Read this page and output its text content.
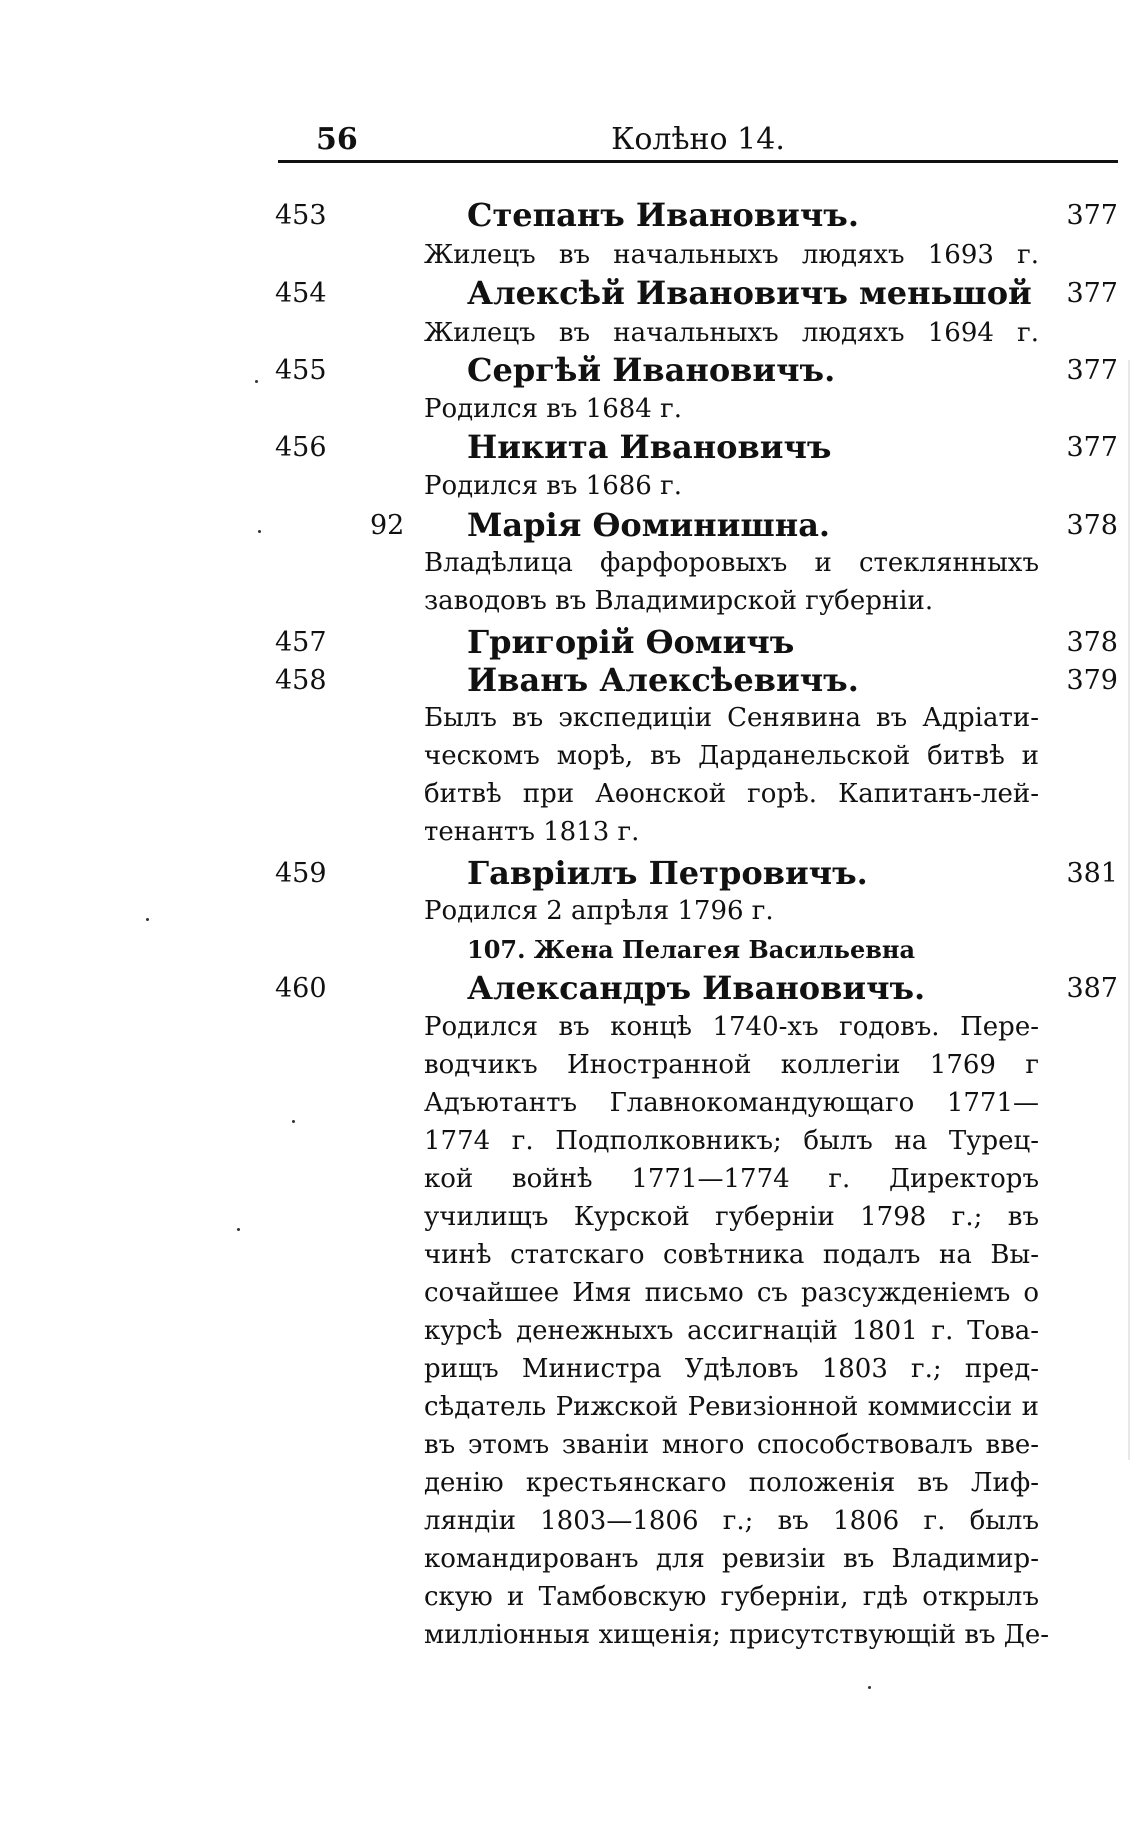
56	Колѣно 14.
453	Степанъ Ивановичъ.	377
Жилецъ въ начальныхъ людяхъ 1693 г.
454	Алексѣй Ивановичъ меньшой	377
Жилецъ въ начальныхъ людяхъ 1694 г.
455	Сергѣй Ивановичъ.	377
Родился въ 1684 г.
456	Никита Ивановичъ	377
Родился въ 1686 г.
92 Марія Ѳоминишна.	378
Владѣлица фарфоровыхъ и стеклянныхъ
заводовъ въ Владимирской губерніи.
457	Григорій Ѳомичъ	378
458	Иванъ Алексѣевичъ.	379
Былъ въ экспедиціи Сенявина въ Адріати-
ческомъ морѣ, въ Дарданельской битвѣ и
битвѣ при Аѳонской горѣ. Капитанъ-лей-
тенантъ 1813 г.
459	Гавріилъ Петровичъ.	381
Родился 2 апрѣля 1796 г.
107. Жена Пелагея Васильевна
460	Александръ Ивановичъ.	387
Родился въ концѣ 1740-хъ годовъ. Пере-
водчикъ Иностранной коллегіи 1769 г
Адъютантъ Главнокомандующаго 1771—
1774 г. Подполковникъ; былъ на Турец-
кой войнѣ 1771—1774 г. Директоръ
училищъ Курской губерніи 1798 г.; въ
чинѣ статскаго совѣтника подалъ на Вы-
сочайшее Имя письмо съ разсужденіемъ о
курсѣ денежныхъ ассигнацій 1801 г. Това-
рищъ Министра Удѣловъ 1803 г.; пред-
сѣдатель Рижской Ревизіонной коммиссіи и
въ этомъ званіи много способствовалъ вве-
денію крестьянскаго положенія въ Лиф-
ляндіи 1803—1806 г.; въ 1806 г. былъ
командированъ для ревизіи въ Владимир-
скую и Тамбовскую губерніи, гдѣ открылъ
милліонныя хищенія; присутствующій въ Де-
